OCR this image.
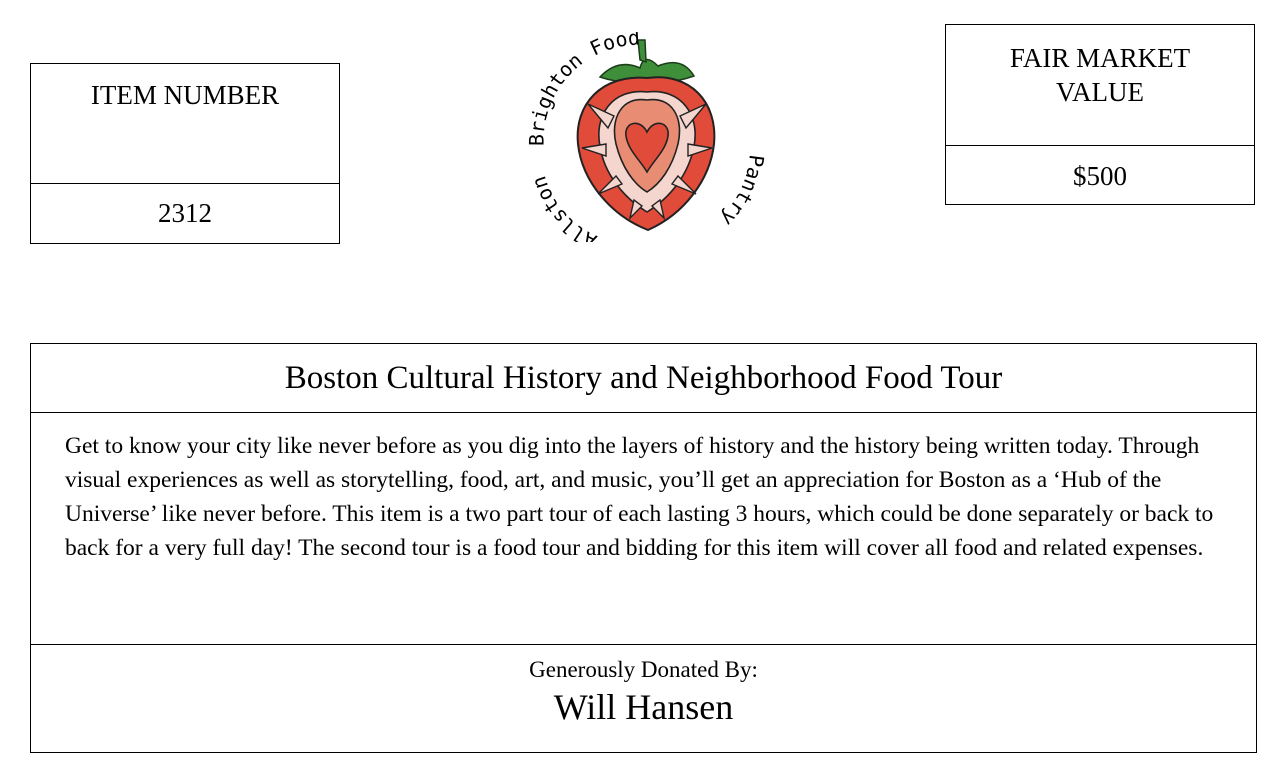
ITEM NUMBER
2312
Brighton Food
Allston
Pantry
FAIR MARKET
VALUE
$500
Boston Cultural History and Neighborhood Food Tour
Get to know your city like never before as you dig into the layers of history and the history being written today. Through visual experiences as well as storytelling, food, art, and music, you’ll get an appreciation for Boston as a ‘Hub of the Universe’ like never before. This item is a two part tour of each lasting 3 hours, which could be done separately or back to back for a very full day! The second tour is a food tour and bidding for this item will cover all food and related expenses.
Generously Donated By:
Will Hansen
